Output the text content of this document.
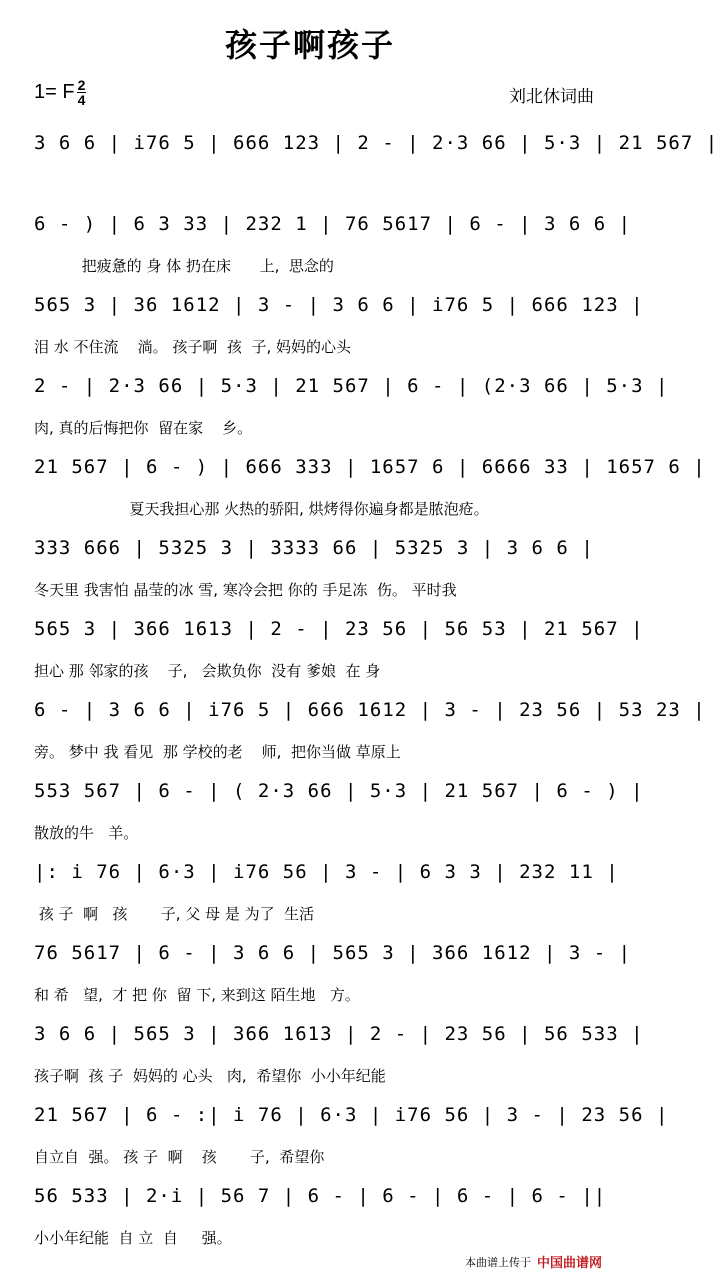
孩子啊孩子
1= F $\frac{2}{4}$	刘北休词曲
3 6 6 | i76 5 | 666 123 | 2 - | 2·3 66 | 5·3 | 21 567 |
6 - ) | 6 3 33 | 232 1 | 76 5617 | 6 - | 3 6 6 |
把疲惫的 身 体 扔在床      上,  思念的
565 3 | 36 1612 | 3 - | 3 6 6 | i76 5 | 666 123 |
泪 水 不住流    淌。 孩子啊  孩  子, 妈妈的心头
2 - | 2·3 66 | 5·3 | 21 567 | 6 - | (2·3 66 | 5·3 |
肉, 真的后悔把你  留在家    乡。
21 567 | 6 - ) | 666 333 | 1657 6 | 6666 33 | 1657 6 |
夏天我担心那 火热的骄阳, 烘烤得你遍身都是脓泡疮。
333 666 | 5325 3 | 3333 66 | 5325 3 | 3 6 6 |
冬天里 我害怕 晶莹的冰 雪, 寒冷会把 你的 手足冻  伤。 平时我
565 3 | 366 1613 | 2 - | 23 56 | 56 53 | 21 567 |
担心 那 邻家的孩    子,   会欺负你  没有 爹娘  在 身
6 - | 3 6 6 | i76 5 | 666 1612 | 3 - | 23 56 | 53 23 |
旁。 梦中 我 看见  那 学校的老    师,  把你当做 草原上
553 567 | 6 - | ( 2·3 66 | 5·3 | 21 567 | 6 - ) |
散放的牛   羊。
|: i 76 | 6·3 | i76 56 | 3 - | 6 3 3 | 232 11 |
孩 子  啊   孩       子, 父 母 是 为了  生活
76 5617 | 6 - | 3 6 6 | 565 3 | 366 1612 | 3 - |
和 希   望,  才 把 你  留 下, 来到这 陌生地   方。
3 6 6 | 565 3 | 366 1613 | 2 - | 23 56 | 56 533 |
孩子啊  孩 子  妈妈的 心头   肉,  希望你  小小年纪能
21 567 | 6 - :| i 76 | 6·3 | i76 56 | 3 - | 23 56 |
自立自  强。 孩 子  啊    孩       子,  希望你
56 533 | 2·i | 56 7 | 6 - | 6 - | 6 - | 6 - ||
小小年纪能  自 立  自     强。
本曲谱上传于 中国曲谱网
